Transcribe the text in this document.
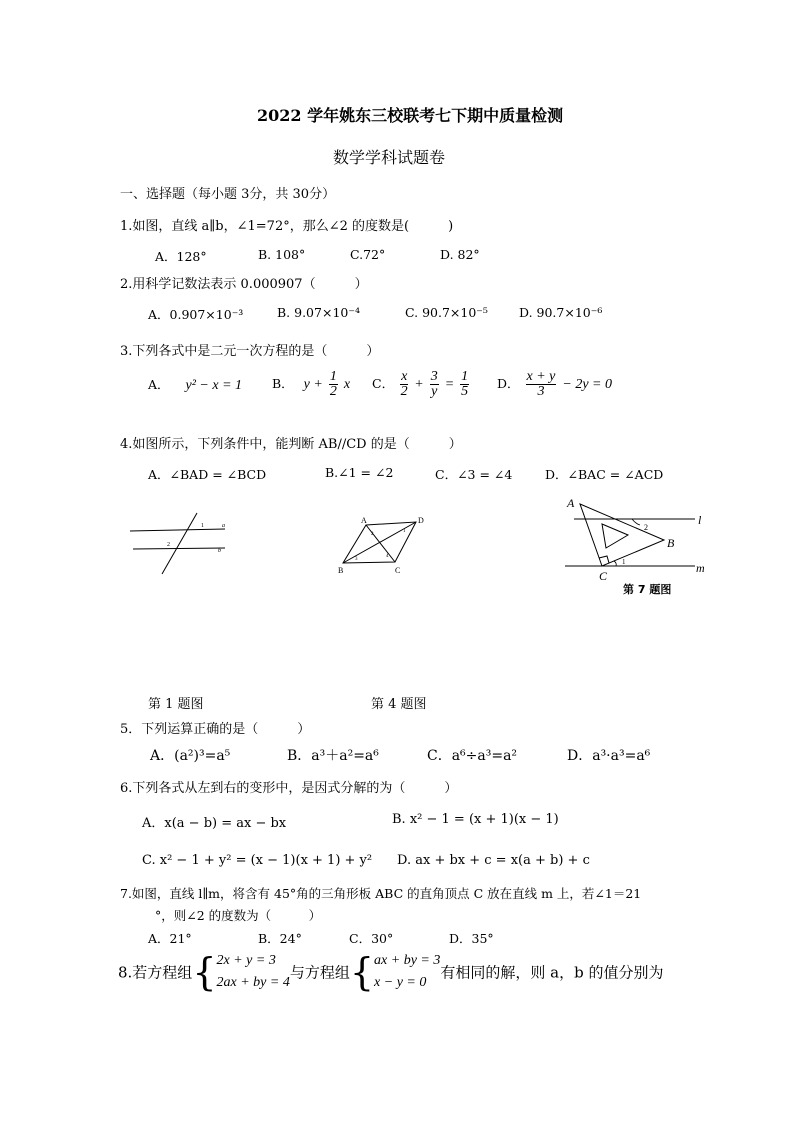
2022 学年姚东三校联考七下期中质量检测
数学学科试题卷
一、选择题（每小题 3分，共 30分）
1.如图，直线 a∥b，∠1=72°，那么∠2 的度数是(　　　)
A．128°	B. 108°	C.72°	D. 82°
2.用科学记数法表示 0.000907（　　　）
A．0.907×10⁻³	B. 9.07×10⁻⁴	C. 90.7×10⁻⁵ D. 90.7×10⁻⁶
3.下列各式中是二元一次方程的是（　　　）
A． y² − x = 1 B． $y + \frac{1}{2}$ x C． $\frac{x}{2} + \frac{3}{y} = \frac{1}{5}$ D． $\frac{x + y}{3} - 2y = 0$
4.如图所示，下列条件中，能判断 AB//CD 的是（　　　）
A．∠BAD = ∠BCD	B.∠1 = ∠2	C．∠3 = ∠4	D．∠BAC = ∠ACD
1	a
2
b
A	D
B	C
1
2
3
4
A
l
2
B
C
1	m
第 7 题图
第 1 题图	第 4 题图
5．下列运算正确的是（　　　）
A．(a²)³=a⁵	B．a³＋a²=a⁶	C．a⁶÷a³=a²	D．a³·a³=a⁶
6.下列各式从左到右的变形中，是因式分解的为（　　　）
A．x(a − b) = ax − bx	B. x² − 1 = (x + 1)(x − 1)
C. x² − 1 + y² = (x − 1)(x + 1) + y² D. ax + bx + c = x(a + b) + c
7.如图，直线 l∥m，将含有 45°角的三角形板 ABC 的直角顶点 C 放在直线 m 上，若∠1＝21
°，则∠2 的度数为（　　　）
A．21°	B．24°	C．30°	D．35°
8.若方程组{ 2x + y = 3
2ax + by = 4
与方程组{ ax + by = 3
x − y = 0
有相同的解，则 a，b 的值分别为
